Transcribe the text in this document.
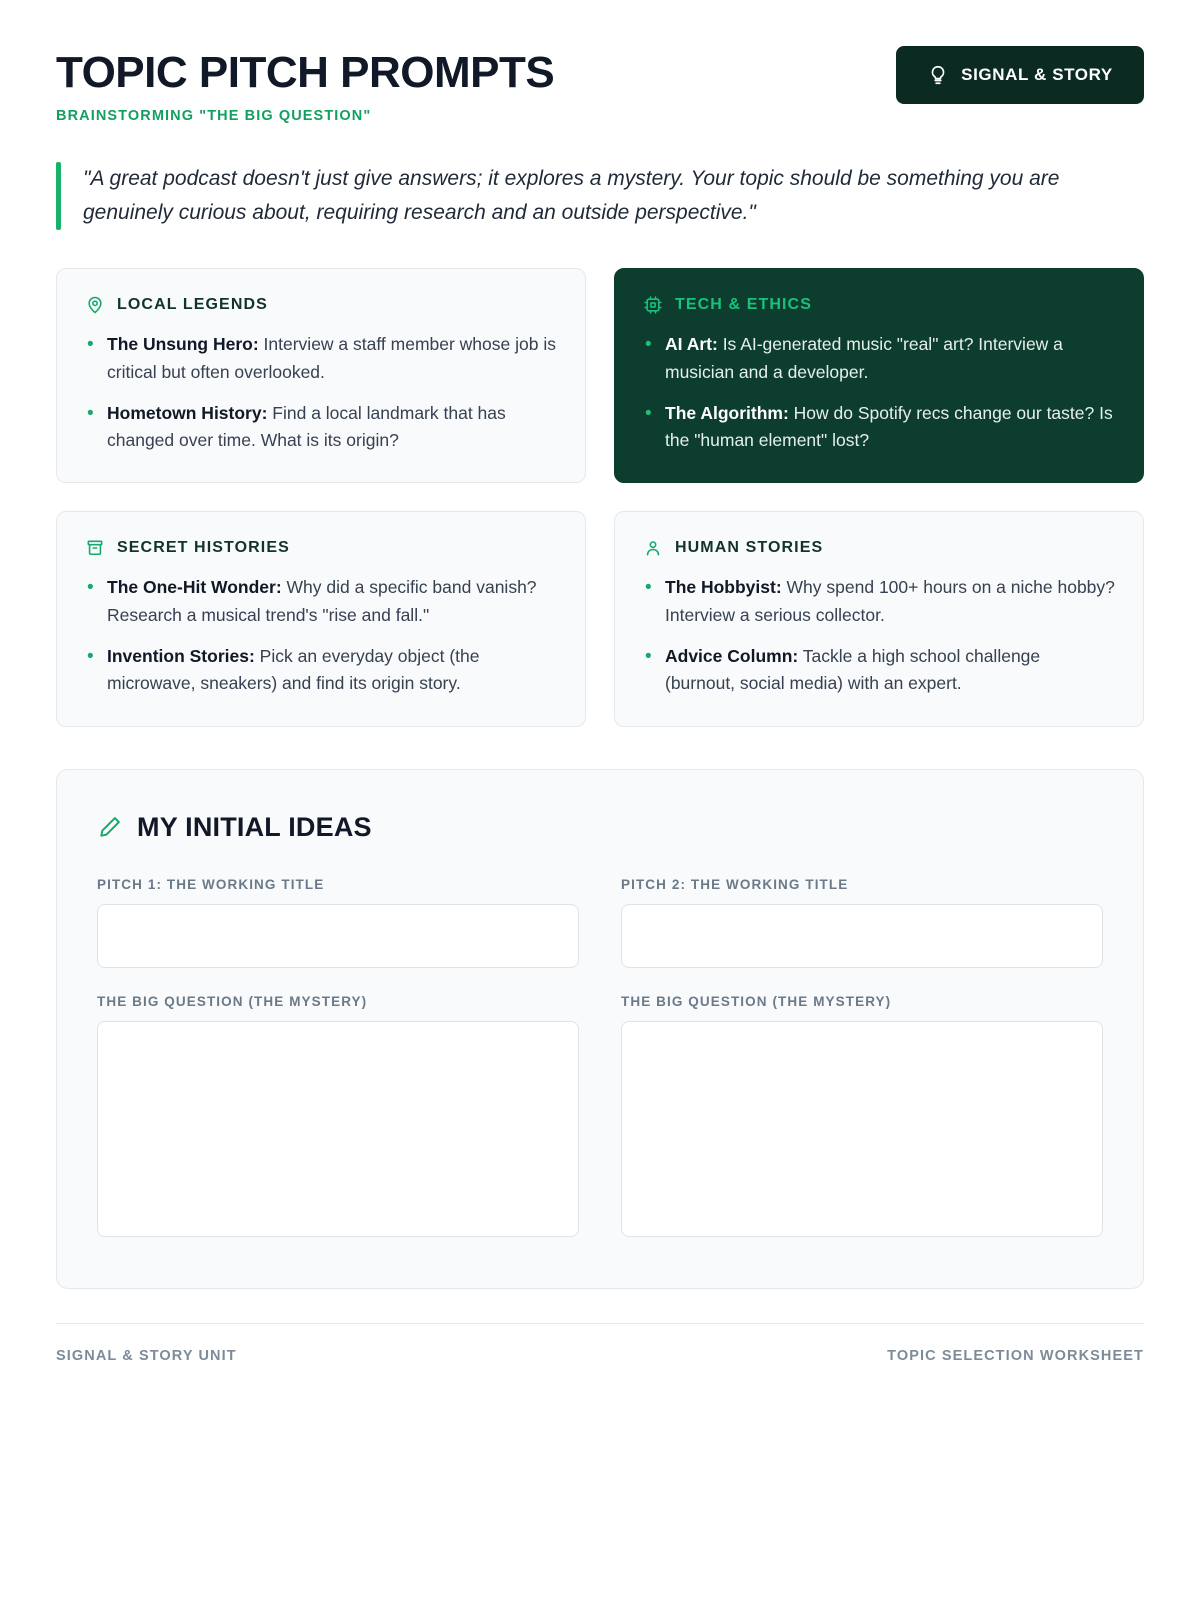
TOPIC PITCH PROMPTS
BRAINSTORMING "THE BIG QUESTION"
SIGNAL & STORY
"A great podcast doesn't just give answers; it explores a mystery. Your topic should be something you are genuinely curious about, requiring research and an outside perspective."
LOCAL LEGENDS
• The Unsung Hero: Interview a staff member whose job is critical but often overlooked.
• Hometown History: Find a local landmark that has changed over time. What is its origin?
TECH & ETHICS
• AI Art: Is AI-generated music "real" art? Interview a musician and a developer.
• The Algorithm: How do Spotify recs change our taste? Is the "human element" lost?
SECRET HISTORIES
• The One-Hit Wonder: Why did a specific band vanish? Research a musical trend's "rise and fall."
• Invention Stories: Pick an everyday object (the microwave, sneakers) and find its origin story.
HUMAN STORIES
• The Hobbyist: Why spend 100+ hours on a niche hobby? Interview a serious collector.
• Advice Column: Tackle a high school challenge (burnout, social media) with an expert.
MY INITIAL IDEAS
PITCH 1: THE WORKING TITLE	PITCH 2: THE WORKING TITLE
THE BIG QUESTION (THE MYSTERY)	THE BIG QUESTION (THE MYSTERY)
SIGNAL & STORY UNIT	TOPIC SELECTION WORKSHEET
